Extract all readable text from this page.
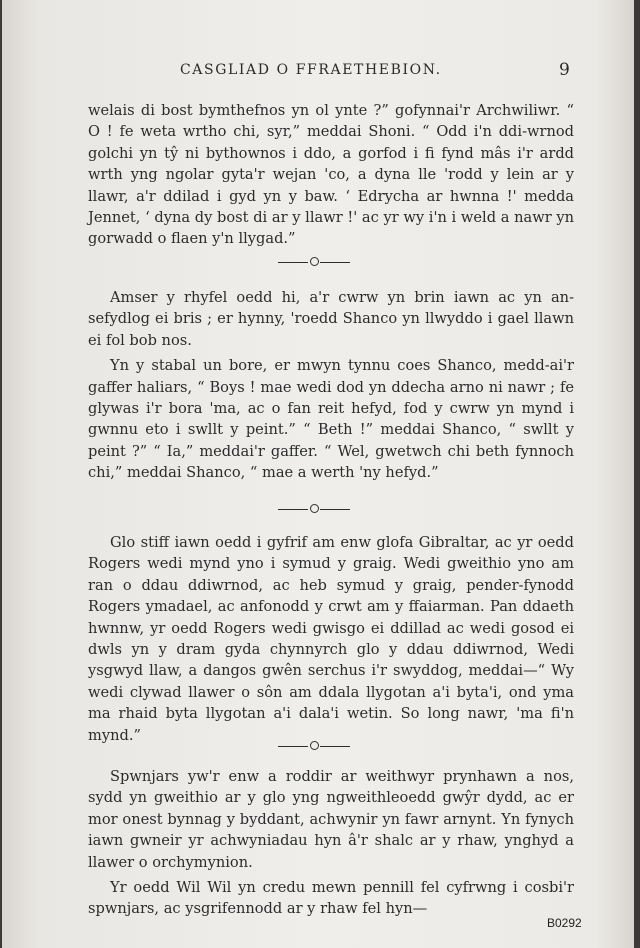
CASGLIAD O FFRAETHEBION.	9

welais di bost bymthefnos yn ol ynte ?” gofynnai'r Archwiliwr. “ O ! fe weta wrtho chi, syr,” meddai Shoni. “ Odd i'n ddi-wrnod golchi yn tŷ ni bythownos i ddo, a gorfod i fi fynd mâs i'r ardd wrth yng ngolar gyta'r wejan 'co, a dyna lle 'rodd y lein ar y llawr, a'r ddilad i gyd yn y baw. ‘ Edrycha ar hwnna !' medda Jennet, ‘ dyna dy bost di ar y llawr !' ac yr wy i'n i weld a nawr yn gorwadd o flaen y'n llygad.”

Amser y rhyfel oedd hi, a'r cwrw yn brin iawn ac yn an-sefydlog ei bris ; er hynny, 'roedd Shanco yn llwyddo i gael llawn ei fol bob nos.

Yn y stabal un bore, er mwyn tynnu coes Shanco, medd-ai'r gaffer haliars, “ Boys ! mae wedi dod yn ddecha arno ni nawr ; fe glywas i'r bora 'ma, ac o fan reit hefyd, fod y cwrw yn mynd i gwnnu eto i swllt y peint.” “ Beth !” meddai Shanco, “ swllt y peint ?” “ Ia,” meddai'r gaffer. “ Wel, gwetwch chi beth fynnoch chi,” meddai Shanco, “ mae a werth 'ny hefyd.”

Glo stiff iawn oedd i gyfrif am enw glofa Gibraltar, ac yr oedd Rogers wedi mynd yno i symud y graig. Wedi gweithio yno am ran o ddau ddiwrnod, ac heb symud y graig, pender-fynodd Rogers ymadael, ac anfonodd y crwt am y ffaiarman. Pan ddaeth hwnnw, yr oedd Rogers wedi gwisgo ei ddillad ac wedi gosod ei dwls yn y dram gyda chynnyrch glo y ddau ddiwrnod, Wedi ysgwyd llaw, a dangos gwên serchus i'r swyddog, meddai—“ Wy wedi clywad llawer o sôn am ddala llygotan a'i byta'i, ond yma ma rhaid byta llygotan a'i dala'i wetin. So long nawr, 'ma fi'n mynd.”

Spwnjars yw'r enw a roddir ar weithwyr prynhawn a nos, sydd yn gweithio ar y glo yng ngweithleoedd gwŷr dydd, ac er mor onest bynnag y byddant, achwynir yn fawr arnynt. Yn fynych iawn gwneir yr achwyniadau hyn â'r shalc ar y rhaw, ynghyd a llawer o orchymynion.

Yr oedd Wil Wil yn credu mewn pennill fel cyfrwng i cosbi'r spwnjars, ac ysgrifennodd ar y rhaw fel hyn—

B0292
